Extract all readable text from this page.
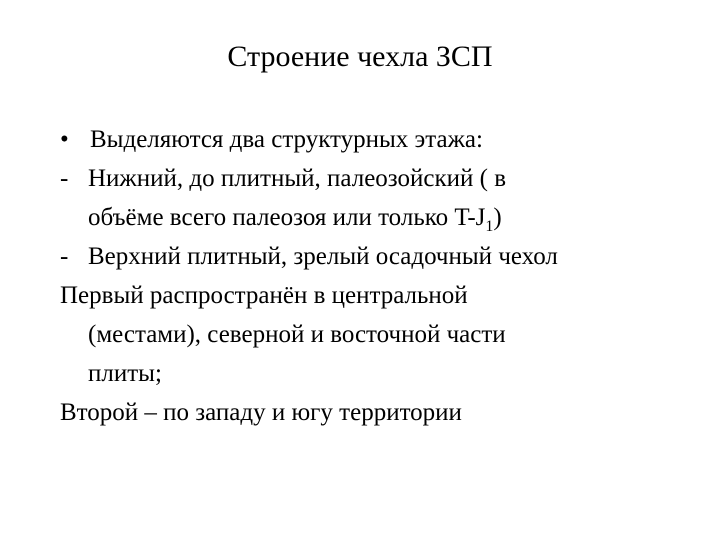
Строение чехла ЗСП
• Выделяются два структурных этажа:
- Нижний, до плитный, палеозойский ( в
объёме всего палеозоя или только $T-J_1$)
- Верхний плитный, зрелый осадочный чехол
Первый распространён в центральной
(местами), северной и восточной части
плиты;
Второй – по западу и югу территории
